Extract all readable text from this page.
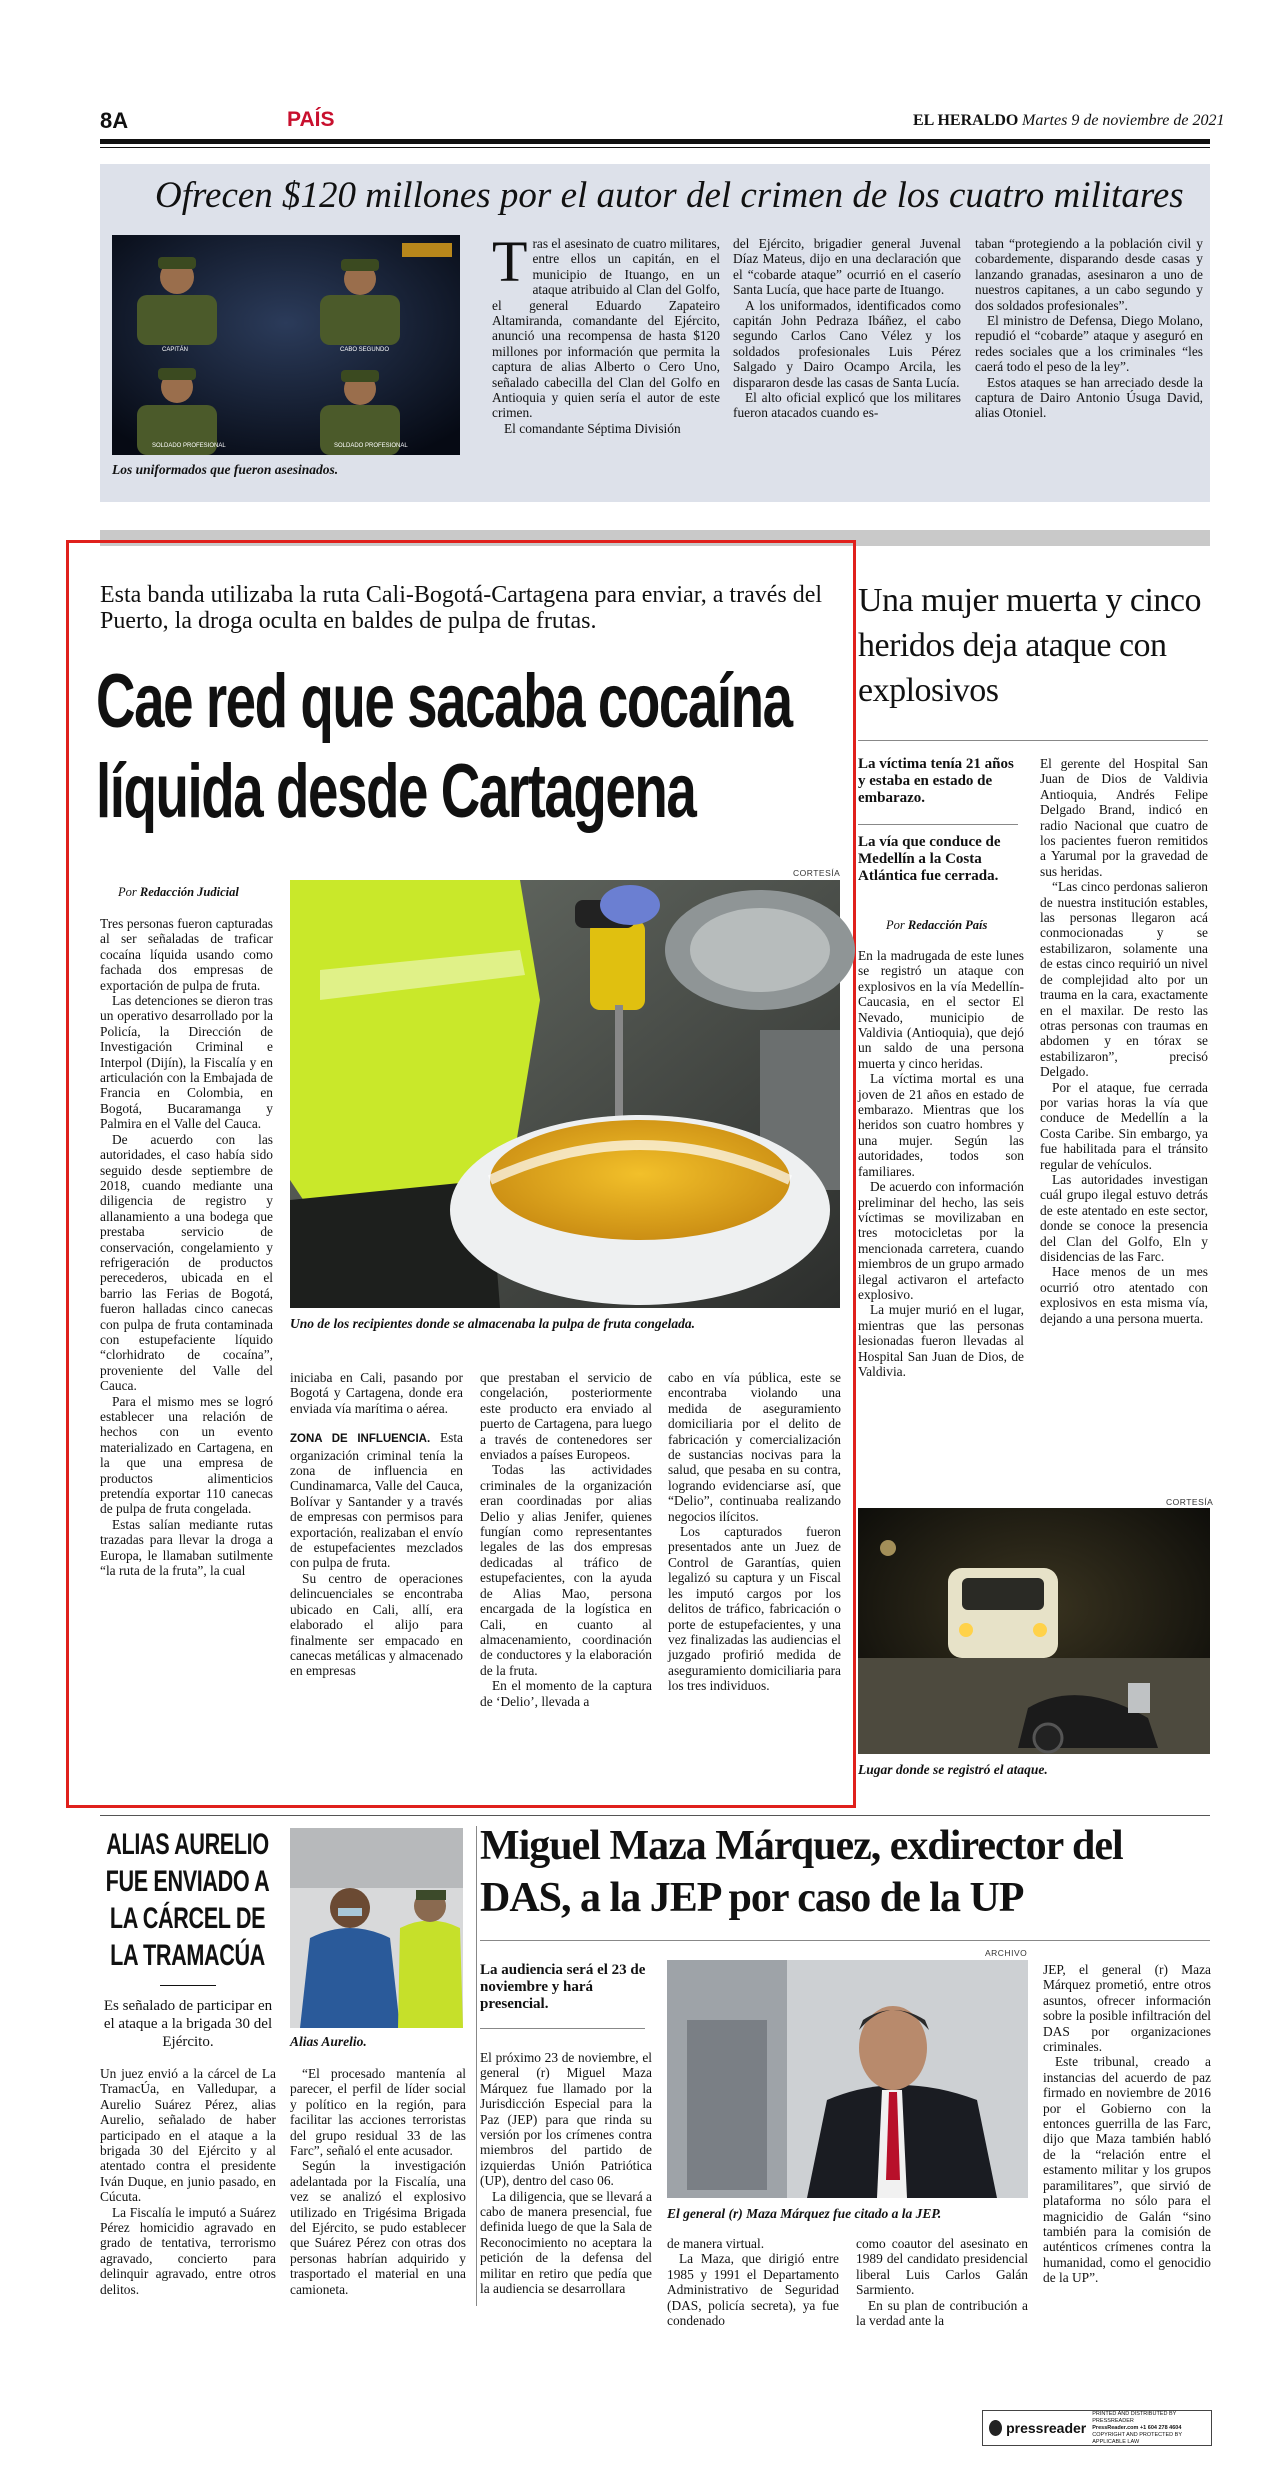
8A	PAÍS	EL HERALDO Martes 9 de noviembre de 2021
Ofrecen $120 millones por el autor del crimen de los cuatro militares
CAPITÁN	CABO SEGUNDO
SOLDADO PROFESIONAL	SOLDADO PROFESIONAL
Los uniformados que fueron asesinados.
T ras el asesinato de cuatro militares, entre ellos un capitán, en el municipio de Ituango, en un ataque atribuido al Clan del Golfo, el general Eduardo Zapateiro Altamiranda, comandante del Ejército, anunció una recompensa de hasta $120 millones por información que permita la captura de alias Alberto o Cero Uno, señalado cabecilla del Clan del Golfo en Antioquia y quien sería el autor de este crimen.

El comandante Séptima División

del Ejército, brigadier general Juvenal Díaz Mateus, dijo en una declaración que el “cobarde ataque” ocurrió en el caserío Santa Lucía, que hace parte de Ituango.

A los uniformados, identificados como capitán John Pedraza Ibáñez, el cabo segundo Carlos Cano Vélez y los soldados profesionales Luis Pérez Salgado y Dairo Ocampo Arcila, les dispararon desde las casas de Santa Lucía.

El alto oficial explicó que los militares fueron atacados cuando es-

taban “protegiendo a la población civil y cobardemente, disparando desde casas y lanzando granadas, asesinaron a uno de nuestros capitanes, a un cabo segundo y dos soldados profesionales”.

El ministro de Defensa, Diego Molano, repudió el “cobarde” ataque y aseguró en redes sociales que a los criminales “les caerá todo el peso de la ley”.

Estos ataques se han arreciado desde la captura de Dairo Antonio Úsuga David, alias Otoniel.

Esta banda utilizaba la ruta Cali-Bogotá-Cartagena para enviar, a través del Puerto, la droga oculta en baldes de pulpa de frutas.
Cae red que sacaba cocaína
líquida desde Cartagena
Por Redacción Judicial
CORTESÍA
Uno de los recipientes donde se almacenaba la pulpa de fruta congelada.

Tres personas fueron capturadas al ser señaladas de traficar cocaína líquida usando como fachada dos empresas de exportación de pulpa de fruta.

Las detenciones se dieron tras un operativo desarrollado por la Policía, la Dirección de Investigación Criminal e Interpol (Dijín), la Fiscalía y en articulación con la Embajada de Francia en Colombia, en Bogotá, Bucaramanga y Palmira en el Valle del Cauca.

De acuerdo con las autoridades, el caso había sido seguido desde septiembre de 2018, cuando mediante una diligencia de registro y allanamiento a una bodega que prestaba servicio de conservación, congelamiento y refrigeración de productos perecederos, ubicada en el barrio las Ferias de Bogotá, fueron halladas cinco canecas con pulpa de fruta contaminada con estupefaciente líquido “clorhidrato de cocaína”, proveniente del Valle del Cauca.

Para el mismo mes se logró establecer una relación de hechos con un evento materializado en Cartagena, en la que una empresa de productos alimenticios pretendía exportar 110 canecas de pulpa de fruta congelada.

Estas salían mediante rutas trazadas para llevar la droga a Europa, le llamaban sutilmente “la ruta de la fruta”, la cual

iniciaba en Cali, pasando por Bogotá y Cartagena, donde era enviada vía marítima o aérea.

ZONA DE INFLUENCIA. Esta organización criminal tenía la zona de influencia en Cundinamarca, Valle del Cauca, Bolívar y Santander y a través de empresas con permisos para exportación, realizaban el envío de estupefacientes mezclados con pulpa de fruta.

Su centro de operaciones delincuenciales se encontraba ubicado en Cali, allí, era elaborado el alijo para finalmente ser empacado en canecas metálicas y almacenado en empresas

que prestaban el servicio de congelación, posteriormente este producto era enviado al puerto de Cartagena, para luego a través de contenedores ser enviados a países Europeos.

Todas las actividades criminales de la organización eran coordinadas por alias Delio y alias Jenifer, quienes fungían como representantes legales de las dos empresas dedicadas al tráfico de estupefacientes, con la ayuda de Alias Mao, persona encargada de la logística en Cali, en cuanto al almacenamiento, coordinación de conductores y la elaboración de la fruta.

En el momento de la captura de ‘Delio’, llevada a

cabo en vía pública, este se encontraba violando una medida de aseguramiento domiciliaria por el delito de fabricación y comercialización de sustancias nocivas para la salud, que pesaba en su contra, logrando evidenciarse así, que “Delio”, continuaba realizando negocios ilícitos.

Los capturados fueron presentados ante un Juez de Control de Garantías, quien legalizó su captura y un Fiscal les imputó cargos por los delitos de tráfico, fabricación o porte de estupefacientes, y una vez finalizadas las audiencias el juzgado profirió medida de aseguramiento domiciliaria para los tres individuos.

Una mujer muerta y cinco heridos deja ataque con explosivos
La víctima tenía 21 años y estaba en estado de embarazo.
La vía que conduce de Medellín a la Costa Atlántica fue cerrada.
Por Redacción País

En la madrugada de este lunes se registró un ataque con explosivos en la vía Medellín-Caucasia, en el sector El Nevado, municipio de Valdivia (Antioquia), que dejó un saldo de una persona muerta y cinco heridas.

La víctima mortal es una joven de 21 años en estado de embarazo. Mientras que los heridos son cuatro hombres y una mujer. Según las autoridades, todos son familiares.

De acuerdo con información preliminar del hecho, las seis víctimas se movilizaban en tres motocicletas por la mencionada carretera, cuando miembros de un grupo armado ilegal activaron el artefacto explosivo.

La mujer murió en el lugar, mientras que las personas lesionadas fueron llevadas al Hospital San Juan de Dios, de Valdivia.

El gerente del Hospital San Juan de Dios de Valdivia Antioquia, Andrés Felipe Delgado Brand, indicó en radio Nacional que cuatro de los pacientes fueron remitidos a Yarumal por la gravedad de sus heridas.

“Las cinco perdonas salieron de nuestra institución estables, las personas llegaron acá conmocionadas y se estabilizaron, solamente una de estas cinco requirió un nivel de complejidad alto por un trauma en la cara, exactamente en el maxilar. De resto las otras personas con traumas en abdomen y en tórax se estabilizaron”, precisó Delgado.

Por el ataque, fue cerrada por varias horas la vía que conduce de Medellín a la Costa Caribe. Sin embargo, ya fue habilitada para el tránsito regular de vehículos.

Las autoridades investigan cuál grupo ilegal estuvo detrás de este atentado en este sector, donde se conoce la presencia del Clan del Golfo, Eln y disidencias de las Farc.

Hace menos de un mes ocurrió otro atentado con explosivos en esta misma vía, dejando a una persona muerta.

CORTESÍA
Lugar donde se registró el ataque.
ALIAS AURELIO FUE ENVIADO A LA CÁRCEL DE LA TRAMACÚA
Es señalado de participar en el ataque a la brigada 30 del Ejército.	Alias Aurelio.

Un juez envió a la cárcel de La TramacÚa, en Valledupar, a Aurelio Suárez Pérez, alias Aurelio, señalado de haber participado en el ataque a la brigada 30 del Ejército y al atentado contra el presidente Iván Duque, en junio pasado, en Cúcuta.

La Fiscalía le imputó a Suárez Pérez homicidio agravado en grado de tentativa, terrorismo agravado, concierto para delinquir agravado, entre otros delitos.

“El procesado mantenía al parecer, el perfil de líder social y político en la región, para facilitar las acciones terroristas del grupo residual 33 de las Farc”, señaló el ente acusador.

Según la investigación adelantada por la Fiscalía, una vez se analizó el explosivo utilizado en Trigésima Brigada del Ejército, se pudo establecer que Suárez Pérez con otras dos personas habrían adquirido y trasportado el material en una camioneta.

Miguel Maza Márquez, exdirector del DAS, a la JEP por caso de la UP
La audiencia será el 23 de noviembre y hará presencial.

El próximo 23 de noviembre, el general (r) Miguel Maza Márquez fue llamado por la Jurisdicción Especial para la Paz (JEP) para que rinda su versión por los crímenes contra miembros del partido de izquierdas Unión Patriótica (UP), dentro del caso 06.

La diligencia, que se llevará a cabo de manera presencial, fue definida luego de que la Sala de Reconocimiento no aceptara la petición de la defensa del militar en retiro que pedía que la audiencia se desarrollara

ARCHIVO
El general (r) Maza Márquez fue citado a la JEP.

de manera virtual.

La Maza, que dirigió entre 1985 y 1991 el Departamento Administrativo de Seguridad (DAS, policía secreta), ya fue condenado

como coautor del asesinato en 1989 del candidato presidencial liberal Luis Carlos Galán Sarmiento.

En su plan de contribución a la verdad ante la

JEP, el general (r) Maza Márquez prometió, entre otros asuntos, ofrecer información sobre la posible infiltración del DAS por organizaciones criminales.

Este tribunal, creado a instancias del acuerdo de paz firmado en noviembre de 2016 por el Gobierno con la entonces guerrilla de las Farc, dijo que Maza también habló de la “relación entre el estamento militar y los grupos paramilitares”, que sirvió de plataforma no sólo para el magnicidio de Galán “sino también para la comisión de auténticos crímenes contra la humanidad, como el genocidio de la UP”.

pressreader
PRINTED AND DISTRIBUTED BY PRESSREADER
PressReader.com +1 604 278 4604
COPYRIGHT AND PROTECTED BY APPLICABLE LAW
